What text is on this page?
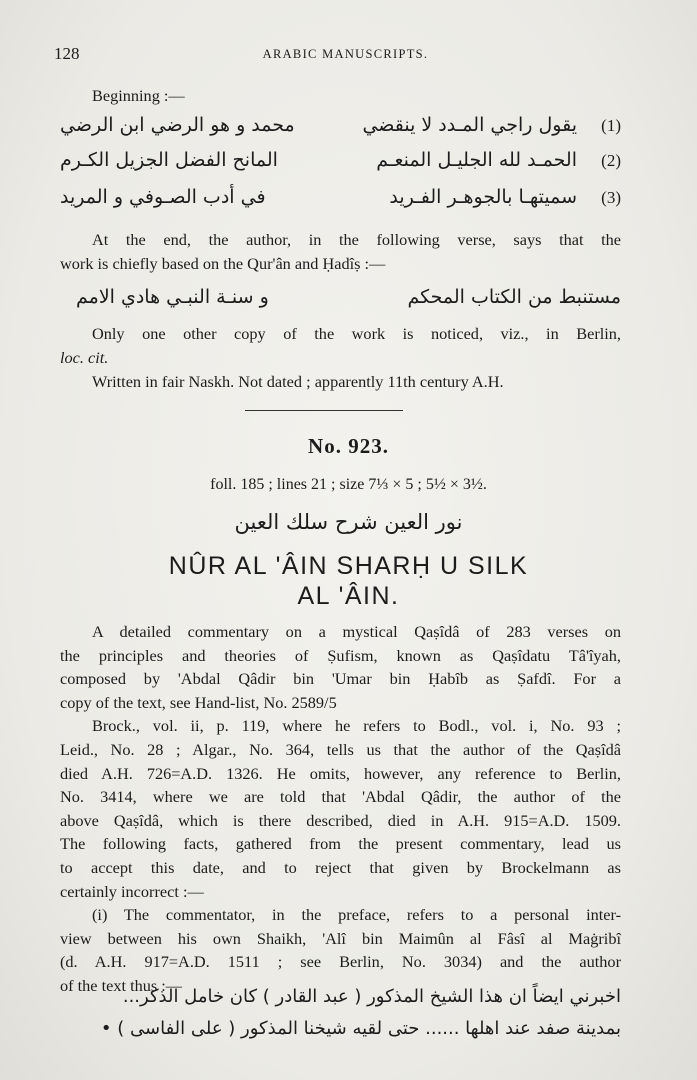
128	ARABIC MANUSCRIPTS.
Beginning :—
(1)
يقول راجي المـدد لا ينقضي
محمد و هو الرضي ابن الرضي
(2)
الحمـد لله الجليـل المنعـم
المانح الفضل الجزيل الكـرم
(3)
سميتهـا بالجوهـر الفـريد
في أدب الصـوفي و المريد
At the end, the author, in the following verse, says that the
work is chiefly based on the Qur'ân and Ḥadîṣ :—
مستنبط من الكتاب المحكم
و سنـة النبـي هادي الامم
Only one other copy of the work is noticed, viz., in Berlin,
loc. cit.
Written in fair Naskh. Not dated ; apparently 11th century A.H.
No. 923.
foll. 185 ; lines 21 ; size 7⅓ × 5 ; 5½ × 3½.
نور العين شرح سلك العين
NÛR AL 'ÂIN SHARḤ U SILK
AL 'ÂIN.
A detailed commentary on a mystical Qaṣîdâ of 283 verses on
the principles and theories of Ṣufism, known as Qaṣîdatu Tâ'îyah,
composed by 'Abdal Qâdir bin 'Umar bin Ḥabîb as Ṣafdî. For a
copy of the text, see Hand-list, No. 2589/5
Brock., vol. ii, p. 119, where he refers to Bodl., vol. i, No. 93 ;
Leid., No. 28 ; Algar., No. 364, tells us that the author of the Qaṣîdâ
died A.H. 726=A.D. 1326. He omits, however, any reference to Berlin,
No. 3414, where we are told that 'Abdal Qâdir, the author of the
above Qaṣîdâ, which is there described, died in A.H. 915=A.D. 1509.
The following facts, gathered from the present commentary, lead us
to accept this date, and to reject that given by Brockelmann as
certainly incorrect :—
(i) The commentator, in the preface, refers to a personal inter-
view between his own Shaikh, 'Alî bin Maimûn al Fâsî al Maġribî
(d. A.H. 917=A.D. 1511 ; see Berlin, No. 3034) and the author
of the text thus :—
اخبرني ايضاً ان هذا الشيخ المذكور ( عبد القادر ) كان خامل الذكر...
بمدينة صفد عند اهلها ...... حتى لقيه شيخنا المذكور ( على الفاسى ) •
